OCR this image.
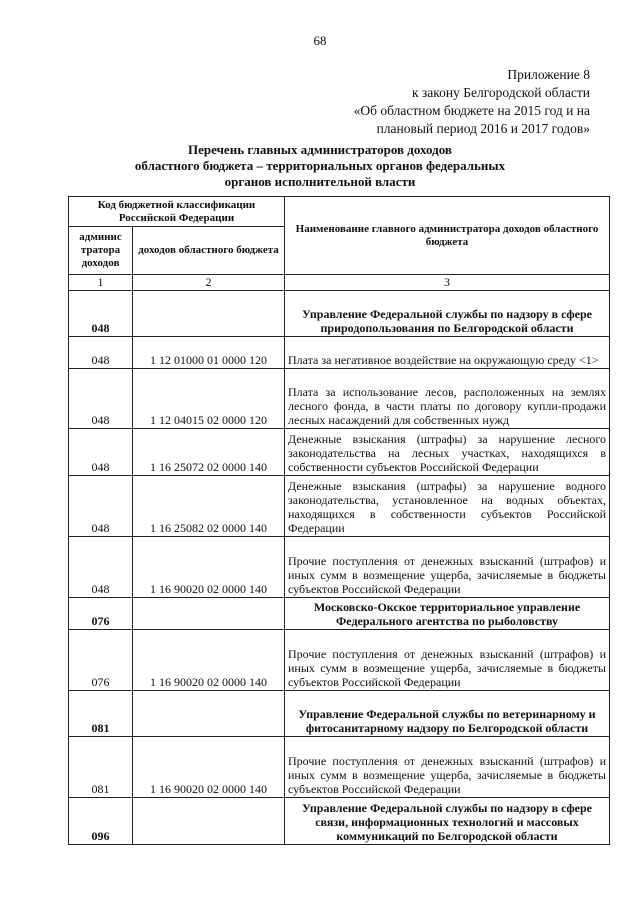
68
Приложение 8
к закону Белгородской области
«Об областном бюджете на 2015 год и на
плановый период 2016 и 2017 годов»
Перечень главных администраторов доходов
областного бюджета – территориальных органов федеральных
органов исполнительной власти
Код бюджетной классификации Российской Федерации		Наименование главного администратора доходов областного бюджета
админис тратора доходов	доходов областного бюджета	
1	2	3
048		Управление Федеральной службы по надзору в сфере природопользования по Белгородской области
048	1 12 01000 01 0000 120	Плата за негативное воздействие на окружающую среду <1>
048	1 12 04015 02 0000 120	Плата за использование лесов, расположенных на землях лесного фонда, в части платы по договору купли-продажи лесных насаждений для собственных нужд
048	1 16 25072 02 0000 140	Денежные взыскания (штрафы) за нарушение лесного законодательства на лесных участках, находящихся в собственности субъектов Российской Федерации
048	1 16 25082 02 0000 140	Денежные взыскания (штрафы) за нарушение водного законодательства, установленное на водных объектах, находящихся в собственности субъектов Российской Федерации
048	1 16 90020 02 0000 140	Прочие поступления от денежных взысканий (штрафов) и иных сумм в возмещение ущерба, зачисляемые в бюджеты субъектов Российской Федерации
076		Московско-Окское территориальное управление Федерального агентства по рыболовству
076	1 16 90020 02 0000 140	Прочие поступления от денежных взысканий (штрафов) и иных сумм в возмещение ущерба, зачисляемые в бюджеты субъектов Российской Федерации
081		Управление Федеральной службы по ветеринарному и фитосанитарному надзору по Белгородской области
081	1 16 90020 02 0000 140	Прочие поступления от денежных взысканий (штрафов) и иных сумм в возмещение ущерба, зачисляемые в бюджеты субъектов Российской Федерации
096		Управление Федеральной службы по надзору в сфере связи, информационных технологий и массовых коммуникаций по Белгородской области
